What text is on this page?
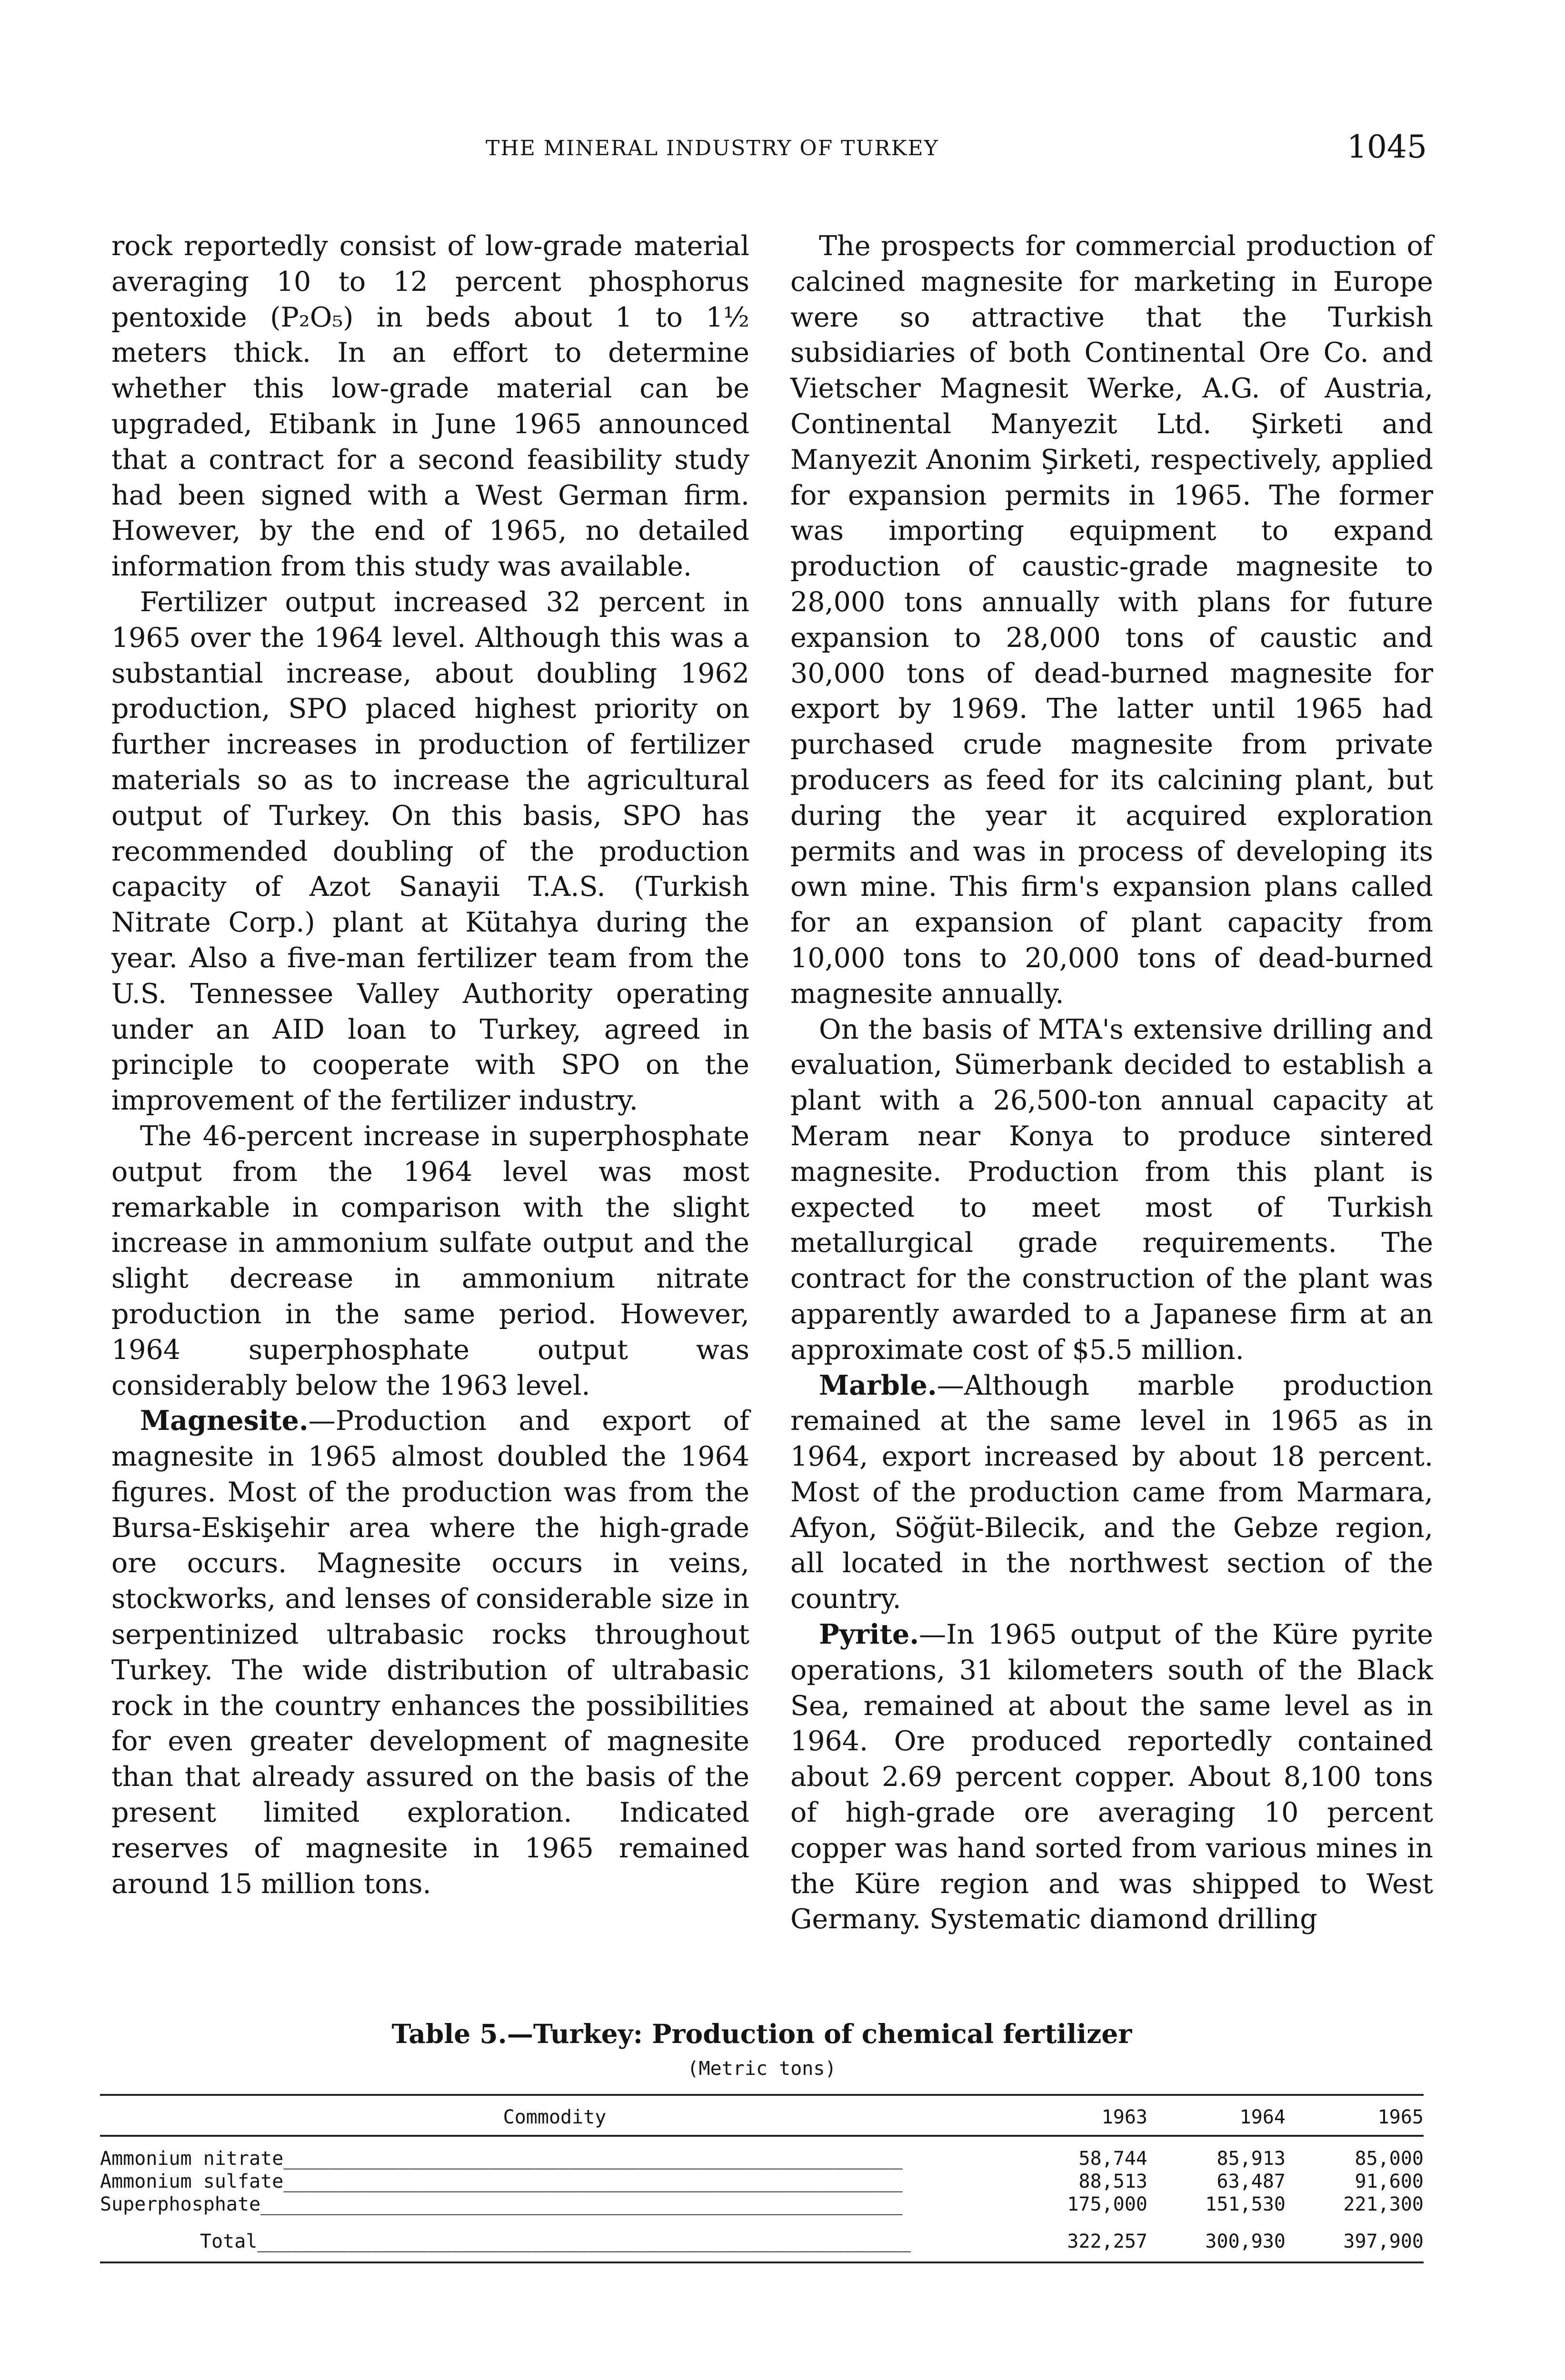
THE MINERAL INDUSTRY OF TURKEY	1045

rock reportedly consist of low-grade material averaging 10 to 12 percent phosphorus pentoxide (P₂O₅) in beds about 1 to 1½ meters thick. In an effort to determine whether this low-grade material can be upgraded, Etibank in June 1965 announced that a contract for a second feasibility study had been signed with a West German firm. However, by the end of 1965, no detailed information from this study was available.

Fertilizer output increased 32 percent in 1965 over the 1964 level. Although this was a substantial increase, about doubling 1962 production, SPO placed highest priority on further increases in production of fertilizer materials so as to increase the agricultural output of Turkey. On this basis, SPO has recommended doubling of the production capacity of Azot Sanayii T.A.S. (Turkish Nitrate Corp.) plant at Kütahya during the year. Also a five-man fertilizer team from the U.S. Tennessee Valley Authority operating under an AID loan to Turkey, agreed in principle to cooperate with SPO on the improvement of the fertilizer industry.

The 46-percent increase in superphosphate output from the 1964 level was most remarkable in comparison with the slight increase in ammonium sulfate output and the slight decrease in ammonium nitrate production in the same period. However, 1964 superphosphate output was considerably below the 1963 level.

Magnesite.—Production and export of magnesite in 1965 almost doubled the 1964 figures. Most of the production was from the Bursa-Eskişehir area where the high-grade ore occurs. Magnesite occurs in veins, stockworks, and lenses of considerable size in serpentinized ultrabasic rocks throughout Turkey. The wide distribution of ultrabasic rock in the country enhances the possibilities for even greater development of magnesite than that already assured on the basis of the present limited exploration. Indicated reserves of magnesite in 1965 remained around 15 million tons.

The prospects for commercial production of calcined magnesite for marketing in Europe were so attractive that the Turkish subsidiaries of both Continental Ore Co. and Vietscher Magnesit Werke, A.G. of Austria, Continental Manyezit Ltd. Şirketi and Manyezit Anonim Şirketi, respectively, applied for expansion permits in 1965. The former was importing equipment to expand production of caustic-grade magnesite to 28,000 tons annually with plans for future expansion to 28,000 tons of caustic and 30,000 tons of dead-burned magnesite for export by 1969. The latter until 1965 had purchased crude magnesite from private producers as feed for its calcining plant, but during the year it acquired exploration permits and was in process of developing its own mine. This firm's expansion plans called for an expansion of plant capacity from 10,000 tons to 20,000 tons of dead-burned magnesite annually.

On the basis of MTA's extensive drilling and evaluation, Sümerbank decided to establish a plant with a 26,500-ton annual capacity at Meram near Konya to produce sintered magnesite. Production from this plant is expected to meet most of Turkish metallurgical grade requirements. The contract for the construction of the plant was apparently awarded to a Japanese firm at an approximate cost of $5.5 million.

Marble.—Although marble production remained at the same level in 1965 as in 1964, export increased by about 18 percent. Most of the production came from Marmara, Afyon, Söğüt-Bilecik, and the Gebze region, all located in the northwest section of the country.

Pyrite.—In 1965 output of the Küre pyrite operations, 31 kilometers south of the Black Sea, remained at about the same level as in 1964. Ore produced reportedly contained about 2.69 percent copper. About 8,100 tons of high-grade ore averaging 10 percent copper was hand sorted from various mines in the Küre region and was shipped to West Germany. Systematic diamond drilling

Table 5.—Turkey: Production of chemical fertilizer
(Metric tons)
Commodity	1963	1964	1965
Ammonium nitrate______________________________________________________	58,744	85,913	85,000
Ammonium sulfate______________________________________________________	88,513	63,487	91,600
Superphosphate________________________________________________________	175,000	151,530	221,300
Total_________________________________________________________	322,257	300,930	397,900
